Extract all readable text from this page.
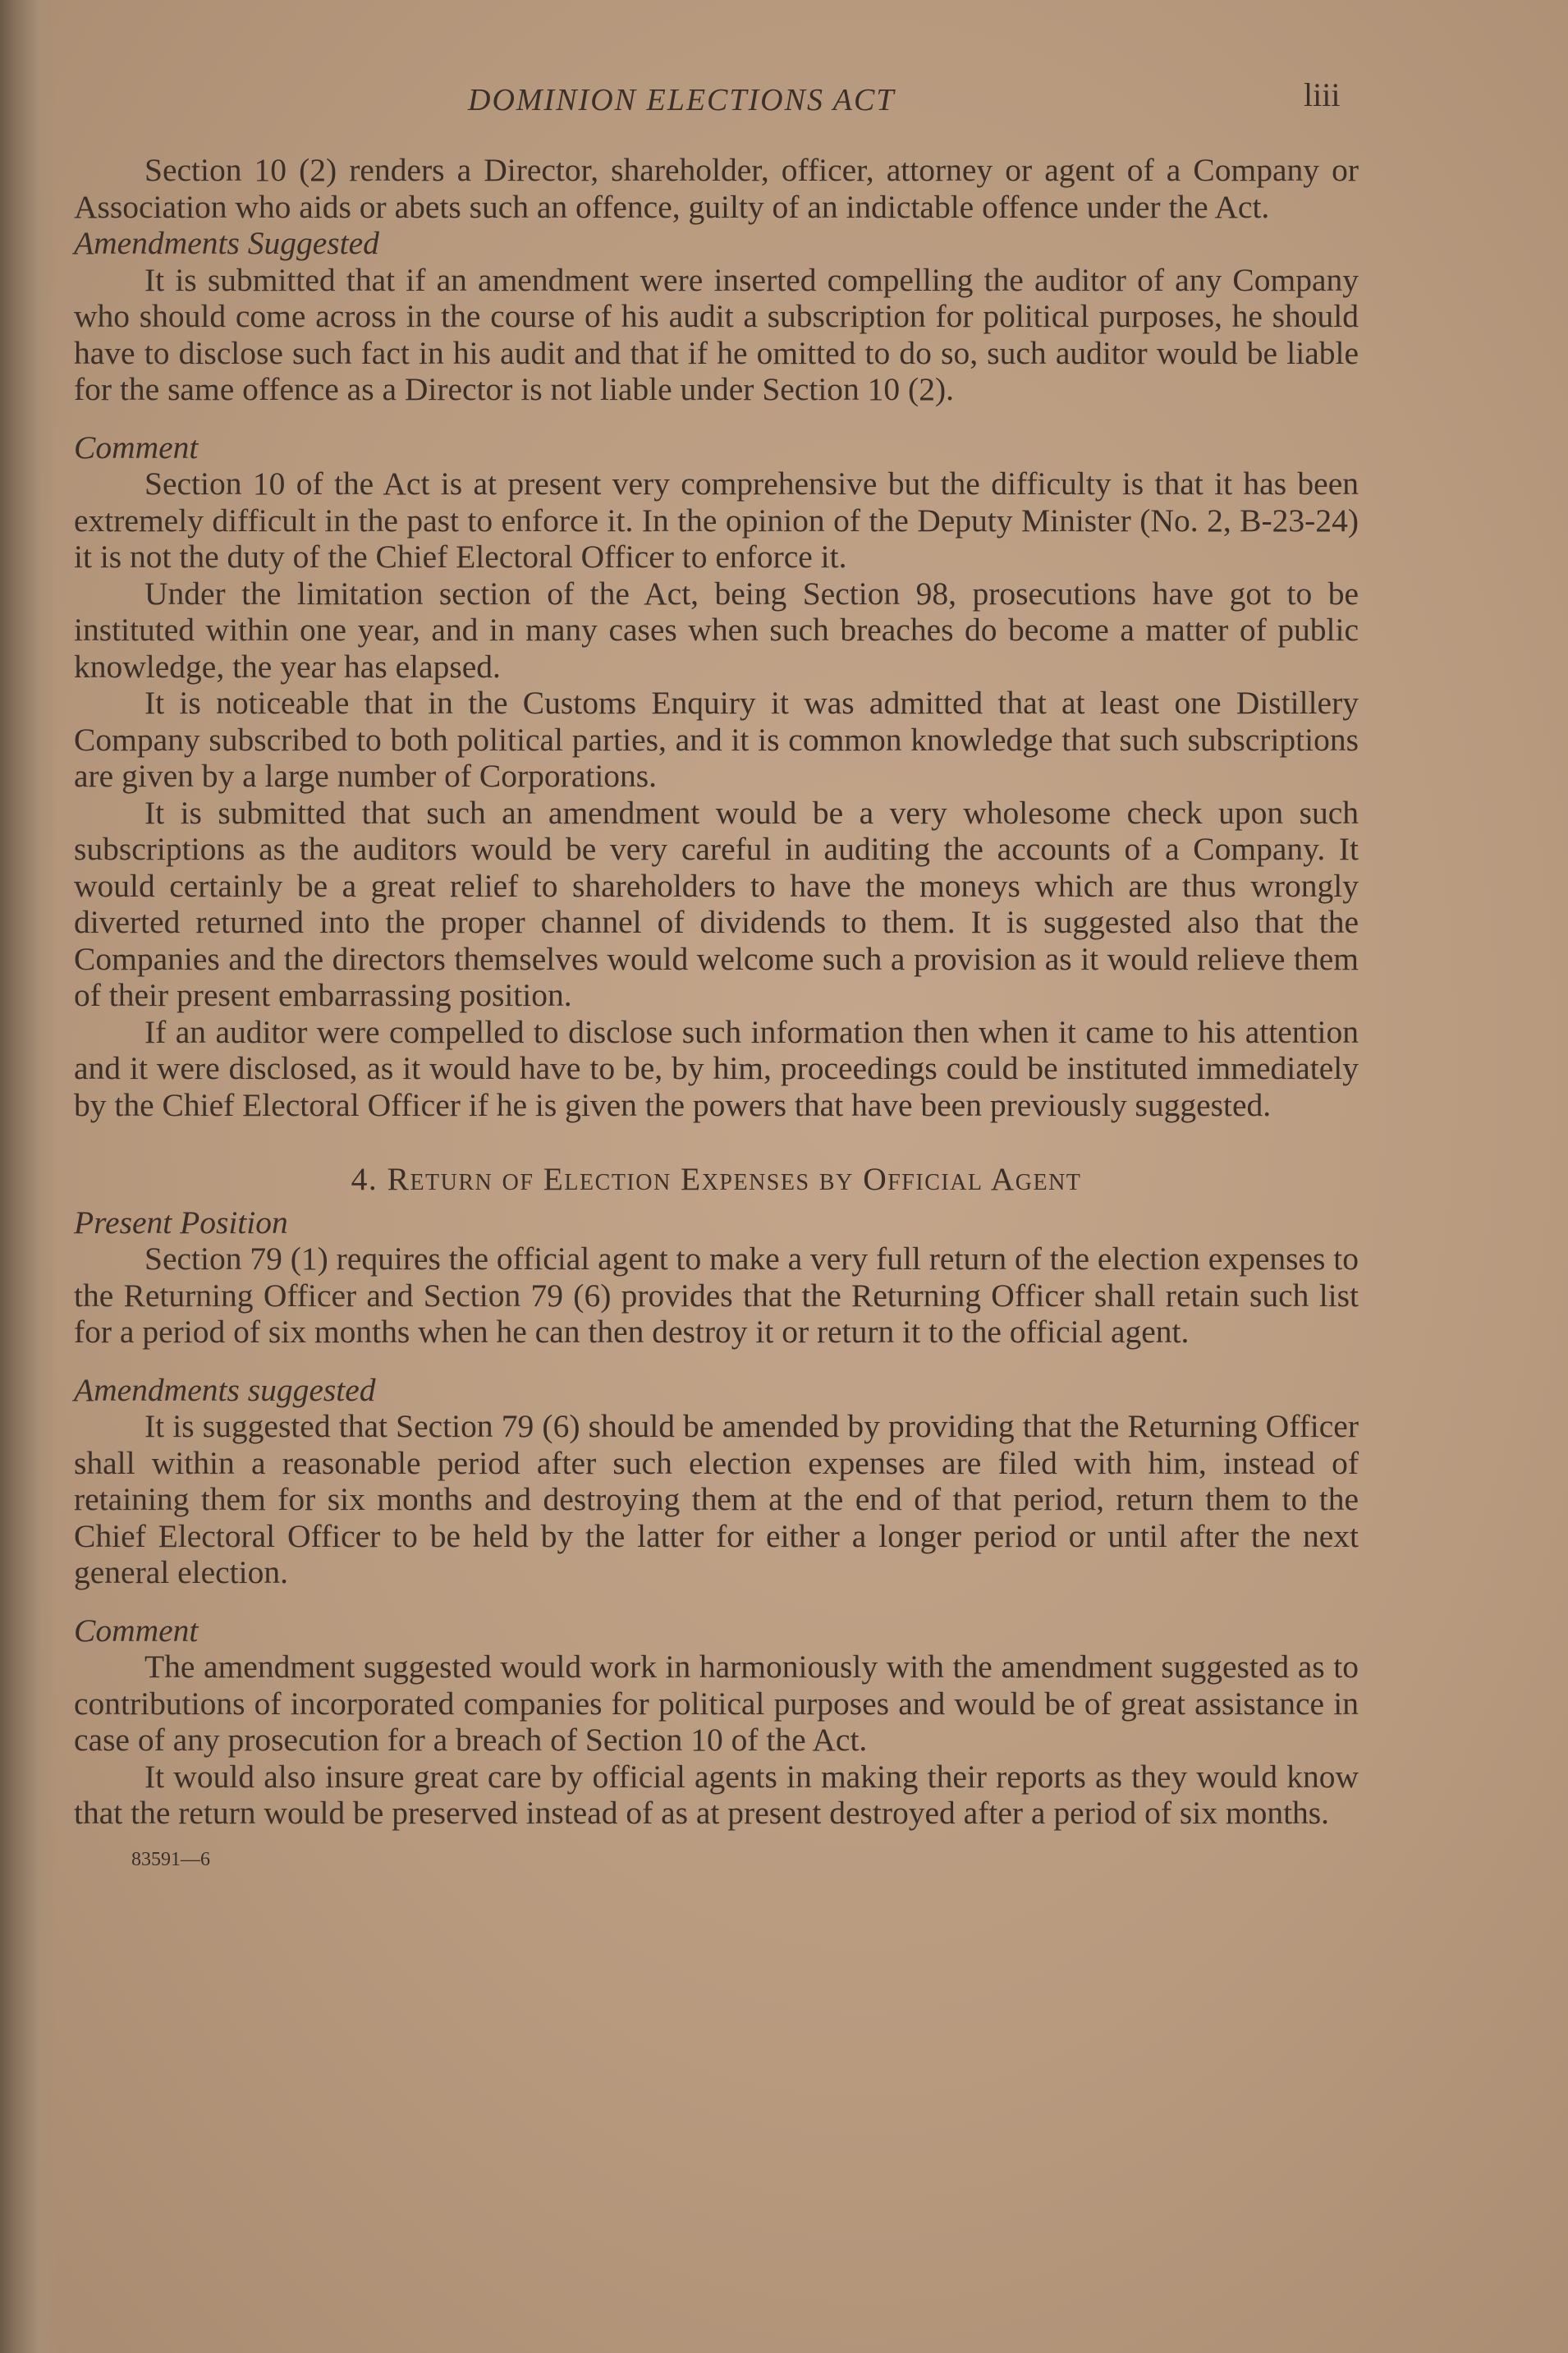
DOMINION ELECTIONS ACT	liii

Section 10 (2) renders a Director, shareholder, officer, attorney or agent of a Company or Association who aids or abets such an offence, guilty of an indictable offence under the Act.

Amendments Suggested

It is submitted that if an amendment were inserted compelling the auditor of any Company who should come across in the course of his audit a subscription for political purposes, he should have to disclose such fact in his audit and that if he omitted to do so, such auditor would be liable for the same offence as a Director is not liable under Section 10 (2).

Comment

Section 10 of the Act is at present very comprehensive but the difficulty is that it has been extremely difficult in the past to enforce it. In the opinion of the Deputy Minister (No. 2, B-23-24) it is not the duty of the Chief Electoral Officer to enforce it.

Under the limitation section of the Act, being Section 98, prosecutions have got to be instituted within one year, and in many cases when such breaches do become a matter of public knowledge, the year has elapsed.

It is noticeable that in the Customs Enquiry it was admitted that at least one Distillery Company subscribed to both political parties, and it is common knowledge that such subscriptions are given by a large number of Corporations.

It is submitted that such an amendment would be a very wholesome check upon such subscriptions as the auditors would be very careful in auditing the accounts of a Company. It would certainly be a great relief to shareholders to have the moneys which are thus wrongly diverted returned into the proper channel of dividends to them. It is suggested also that the Companies and the directors themselves would welcome such a provision as it would relieve them of their present embarrassing position.

If an auditor were compelled to disclose such information then when it came to his attention and it were disclosed, as it would have to be, by him, proceedings could be instituted immediately by the Chief Electoral Officer if he is given the powers that have been previously suggested.

4. Return of Election Expenses by Official Agent
Present Position

Section 79 (1) requires the official agent to make a very full return of the election expenses to the Returning Officer and Section 79 (6) provides that the Returning Officer shall retain such list for a period of six months when he can then destroy it or return it to the official agent.

Amendments suggested

It is suggested that Section 79 (6) should be amended by providing that the Returning Officer shall within a reasonable period after such election expenses are filed with him, instead of retaining them for six months and destroying them at the end of that period, return them to the Chief Electoral Officer to be held by the latter for either a longer period or until after the next general election.

Comment

The amendment suggested would work in harmoniously with the amendment suggested as to contributions of incorporated companies for political purposes and would be of great assistance in case of any prosecution for a breach of Section 10 of the Act.

It would also insure great care by official agents in making their reports as they would know that the return would be preserved instead of as at present destroyed after a period of six months.

83591—6
